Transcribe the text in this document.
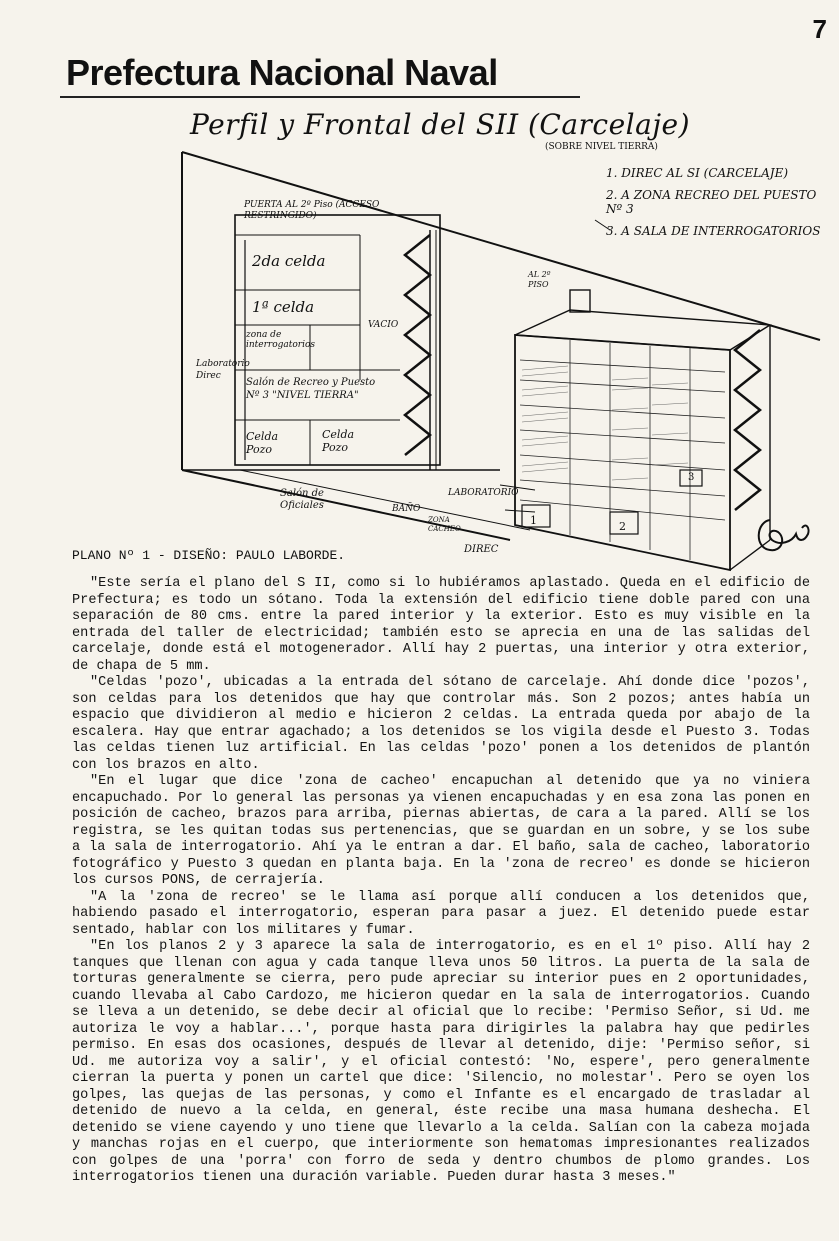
7
Prefectura Nacional Naval
Perfil y Frontal del SII (Carcelaje)
(SOBRE NIVEL TIERRA)
PUERTA AL 2º Piso (ACCESO RESTRINGIDO)
2da celda
1ª celda
zona de interrogatorios
VACIO
Laboratorio Direc
Salón de Recreo y Puesto Nº 3 "NIVEL TIERRA"
Celda Pozo
Celda Pozo
AL 2º PISO
Salón de Oficiales	BAÑO
ZONA CACHEO
LABORATORIO
DIREC
1	2
3
1. DIREC AL SI (CARCELAJE)
2. A ZONA RECREO DEL PUESTO Nº 3
3. A SALA DE INTERROGATORIOS
PLANO Nº 1 - DISEÑO: PAULO LABORDE.

"Este sería el plano del S II, como si lo hubiéramos aplastado. Queda en el edificio de Prefectura; es todo un sótano. Toda la extensión del edificio tiene doble pared con una separación de 80 cms. entre la pared interior y la exterior. Esto es muy visible en la entrada del taller de electricidad; también esto se aprecia en una de las salidas del carcelaje, donde está el motogenerador. Allí hay 2 puertas, una interior y otra exterior, de chapa de 5 mm.

"Celdas 'pozo', ubicadas a la entrada del sótano de carcelaje. Ahí donde dice 'pozos', son celdas para los detenidos que hay que controlar más. Son 2 pozos; antes había un espacio que dividieron al medio e hicieron 2 celdas. La entrada queda por abajo de la escalera. Hay que entrar agachado; a los detenidos se los vigila desde el Puesto 3. Todas las celdas tienen luz artificial. En las celdas 'pozo' ponen a los detenidos de plantón con los brazos en alto.

"En el lugar que dice 'zona de cacheo' encapuchan al detenido que ya no viniera encapuchado. Por lo general las personas ya vienen encapuchadas y en esa zona las ponen en posición de cacheo, brazos para arriba, piernas abiertas, de cara a la pared. Allí se los registra, se les quitan todas sus pertenencias, que se guardan en un sobre, y se los sube a la sala de interrogatorio. Ahí ya le entran a dar. El baño, sala de cacheo, laboratorio fotográfico y Puesto 3 quedan en planta baja. En la 'zona de recreo' es donde se hicieron los cursos PONS, de cerrajería.

"A la 'zona de recreo' se le llama así porque allí conducen a los detenidos que, habiendo pasado el interrogatorio, esperan para pasar a juez. El detenido puede estar sentado, hablar con los militares y fumar.

"En los planos 2 y 3 aparece la sala de interrogatorio, es en el 1º piso. Allí hay 2 tanques que llenan con agua y cada tanque lleva unos 50 litros. La puerta de la sala de torturas generalmente se cierra, pero pude apreciar su interior pues en 2 oportunidades, cuando llevaba al Cabo Cardozo, me hicieron quedar en la sala de interrogatorios. Cuando se lleva a un detenido, se debe decir al oficial que lo recibe: 'Permiso Señor, si Ud. me autoriza le voy a hablar...', porque hasta para dirigirles la palabra hay que pedirles permiso. En esas dos ocasiones, después de llevar al detenido, dije: 'Permiso señor, si Ud. me autoriza voy a salir', y el oficial contestó: 'No, espere', pero generalmente cierran la puerta y ponen un cartel que dice: 'Silencio, no molestar'. Pero se oyen los golpes, las quejas de las personas, y como el Infante es el encargado de trasladar al detenido de nuevo a la celda, en general, éste recibe una masa humana deshecha. El detenido se viene cayendo y uno tiene que llevarlo a la celda. Salían con la cabeza mojada y manchas rojas en el cuerpo, que interiormente son hematomas impresionantes realizados con golpes de una 'porra' con forro de seda y dentro chumbos de plomo grandes. Los interrogatorios tienen una duración variable. Pueden durar hasta 3 meses."
